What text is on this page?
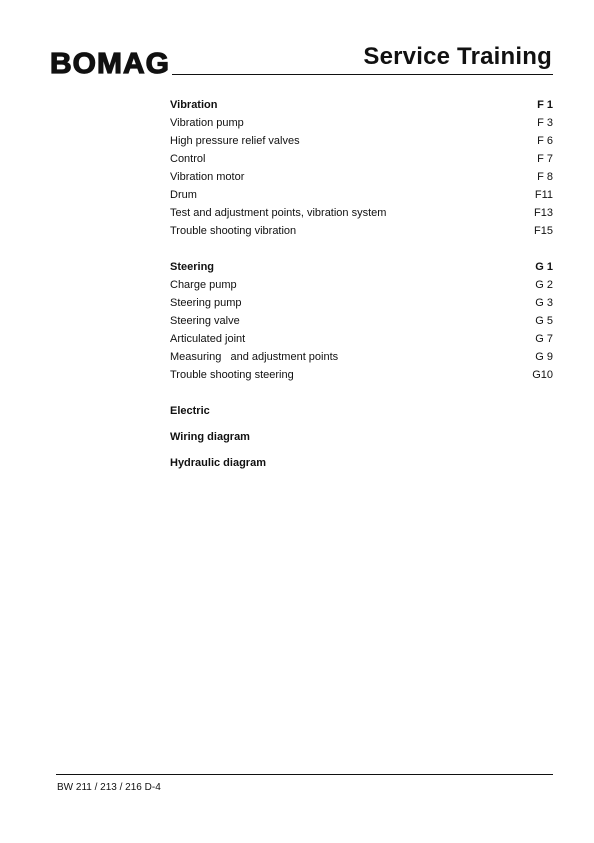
BOMAG	Service Training
Vibration	F 1
Vibration pump	F 3
High pressure relief valves	F 6
Control	F 7
Vibration motor	F 8
Drum	F11
Test and adjustment points, vibration system	F13
Trouble shooting vibration	F15
Steering	G 1
Charge pump	G 2
Steering pump	G 3
Steering valve	G 5
Articulated joint	G 7
Measuring   and adjustment points	G 9
Trouble shooting steering	G10
Electric
Wiring diagram
Hydraulic diagram
BW 211 / 213 / 216 D-4
